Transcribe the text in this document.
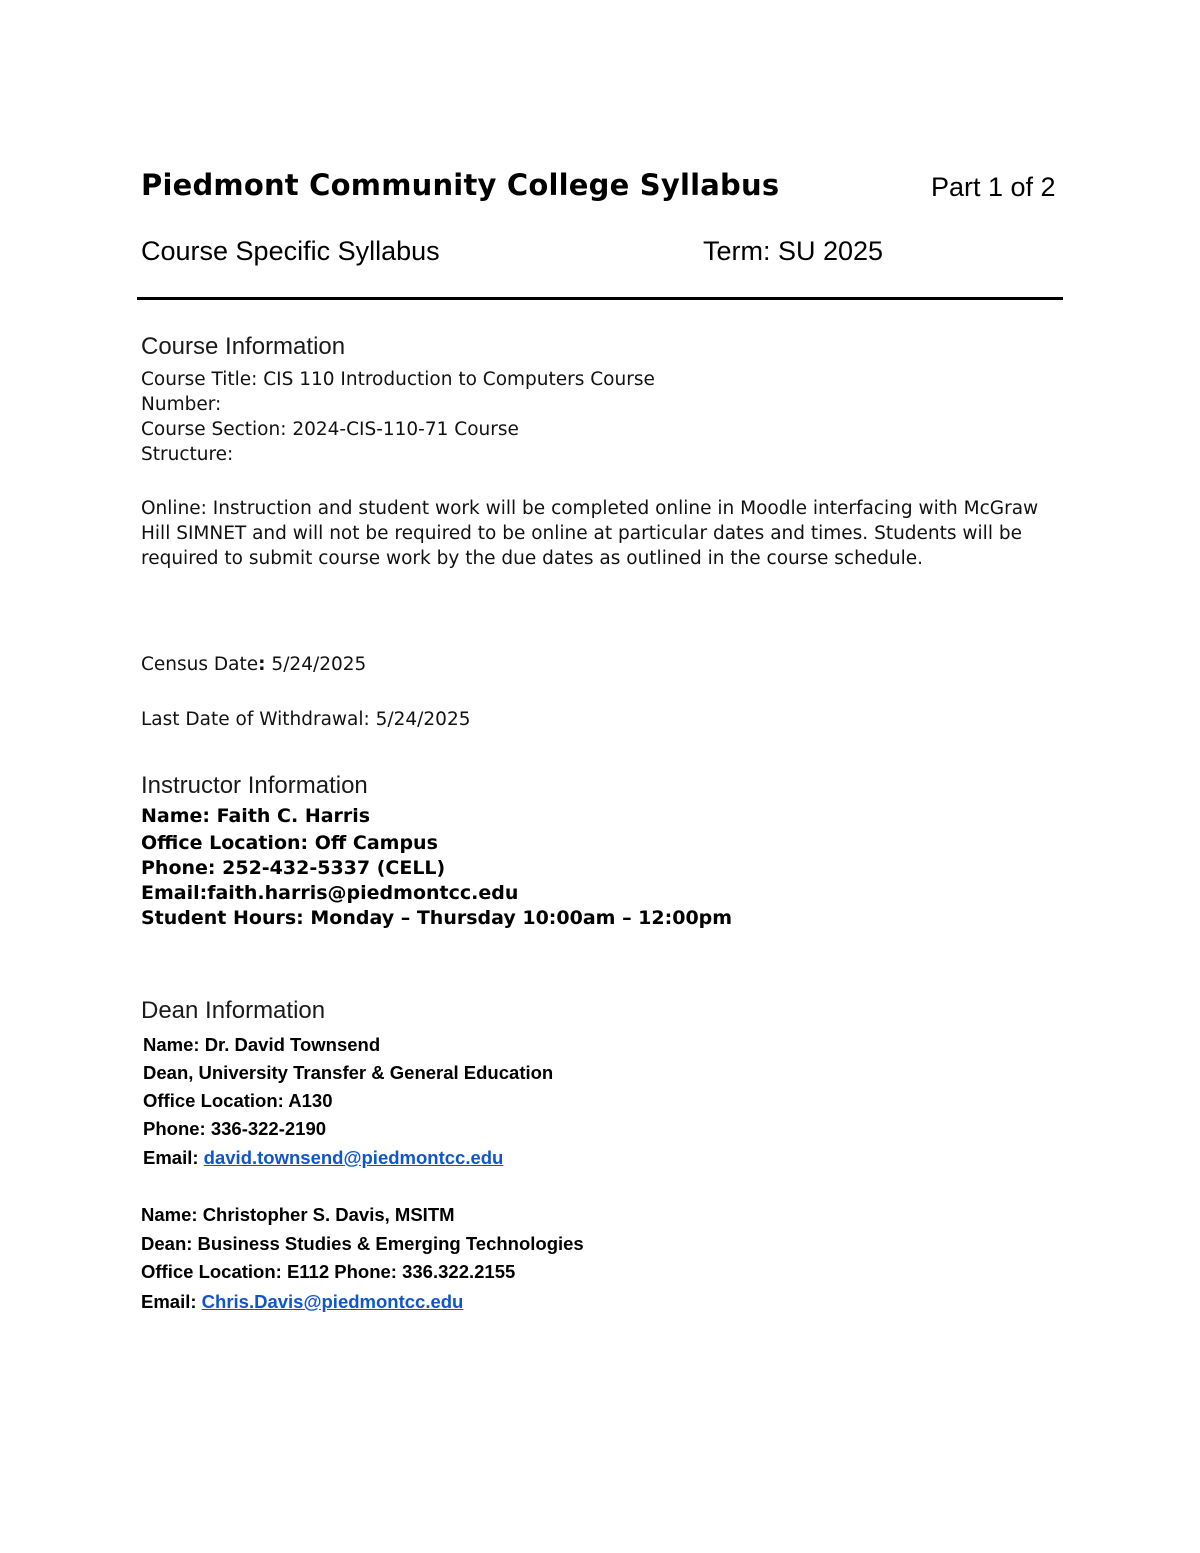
Piedmont Community College Syllabus	Part 1 of 2
Course Specific Syllabus	Term: SU 2025
Course Information
Course Title: CIS 110 Introduction to Computers Course
Number:
Course Section: 2024-CIS-110-71 Course
Structure:
Online: Instruction and student work will be completed online in Moodle interfacing with McGraw Hill SIMNET and will not be required to be online at particular dates and times. Students will be required to submit course work by the due dates as outlined in the course schedule.
Census Date: 5/24/2025
Last Date of Withdrawal: 5/24/2025
Instructor Information
Name: Faith C. Harris
Office Location: Off Campus
Phone: 252-432-5337 (CELL)
Email:faith.harris@piedmontcc.edu
Student Hours: Monday – Thursday 10:00am – 12:00pm
Dean Information
Name: Dr. David Townsend
Dean, University Transfer & General Education
Office Location: A130
Phone: 336-322-2190
Email: david.townsend@piedmontcc.edu
Name: Christopher S. Davis, MSITM
Dean: Business Studies & Emerging Technologies
Office Location: E112 Phone: 336.322.2155
Email: Chris.Davis@piedmontcc.edu
